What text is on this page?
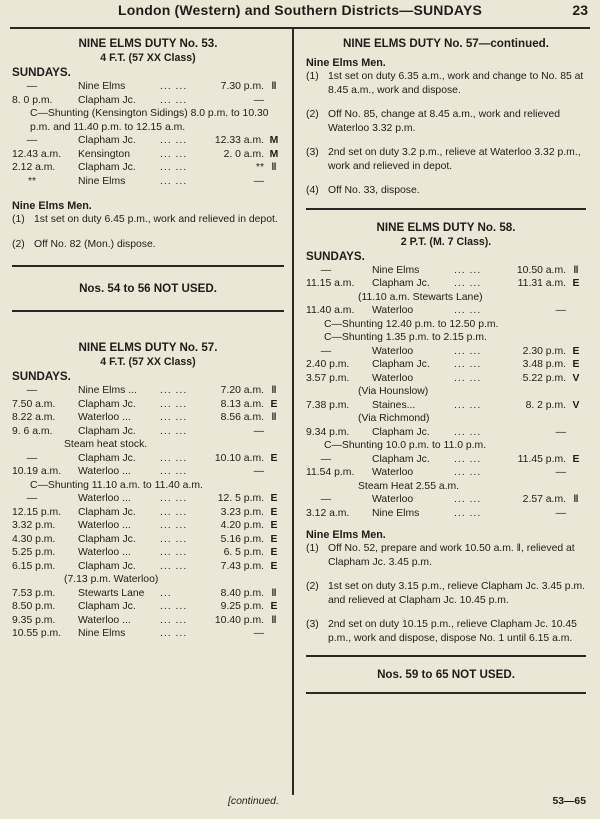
London (Western) and Southern Districts—SUNDAYS	23
NINE ELMS DUTY No. 53.
4 F.T. (57 XX Class)
SUNDAYS.
—	Nine Elms	... ...	7.30 p.m. ‖
8. 0 p.m.	Clapham Jc. ... ...	—
C—Shunting (Kensington Sidings) 8.0 p.m. to 10.30 p.m. and 11.40 p.m. to 12.15 a.m.
—	Clapham Jc. ... ...	12.33 a.m. M
12.43 a.m.	Kensington	... ...	2. 0 a.m. M
2.12 a.m.	Clapham Jc. ... ...	** ‖
**	Nine Elms	... ...	—
Nine Elms Men.
(1) 1st set on duty 6.45 p.m., work and relieved in depot.
(2) Off No. 82 (Mon.) dispose.
Nos. 54 to 56 NOT USED.
NINE ELMS DUTY No. 57.
4 F.T. (57 XX Class)
SUNDAYS.
—	Nine Elms ... ... ...	7.20 a.m. ‖
7.50 a.m.	Clapham Jc. ... ...	8.13 a.m. E
8.22 a.m.	Waterloo ...	... ...	8.56 a.m. ‖
9. 6 a.m.	Clapham Jc. ... ...	—
Steam heat stock.
—	Clapham Jc. ... ...	10.10 a.m. E
10.19 a.m.	Waterloo ...	... ...	—
C—Shunting 11.10 a.m. to 11.40 a.m.
—	Waterloo ...	... ...	12. 5 p.m. E
12.15 p.m.	Clapham Jc. ... ...	3.23 p.m. E
3.32 p.m.	Waterloo ...	... ...	4.20 p.m. E
4.30 p.m.	Clapham Jc. ... ...	5.16 p.m. E
5.25 p.m.	Waterloo ...	... ...	6. 5 p.m. E
6.15 p.m.	Clapham Jc. ... ...	7.43 p.m. E
(7.13 p.m. Waterloo)
7.53 p.m.	Stewarts Lane ...	8.40 p.m. ‖
8.50 p.m.	Clapham Jc. ... ...	9.25 p.m. E
9.35 p.m.	Waterloo ...	... ...	10.40 p.m. ‖
10.55 p.m.	Nine Elms	... ...	—
NINE ELMS DUTY No. 57—continued.
Nine Elms Men.
(1) 1st set on duty 6.35 a.m., work and change to No. 85 at 8.45 a.m., work and dispose.
(2) Off No. 85, change at 8.45 a.m., work and relieved Waterloo 3.32 p.m.
(3) 2nd set on duty 3.2 p.m., relieve at Waterloo 3.32 p.m., work and relieved in depot.
(4) Off No. 33, dispose.
NINE ELMS DUTY No. 58.
2 P.T. (M. 7 Class).
SUNDAYS.
—	Nine Elms	... ...	10.50 a.m. ‖
11.15 a.m.	Clapham Jc. ... ...	11.31 a.m. E
(11.10 a.m. Stewarts Lane)
11.40 a.m.	Waterloo	... ...	—
C—Shunting 12.40 p.m. to 12.50 p.m.
C—Shunting 1.35 p.m. to 2.15 p.m.
—	Waterloo	... ...	2.30 p.m. E
2.40 p.m.	Clapham Jc. ... ...	3.48 p.m. E
3.57 p.m.	Waterloo	... ...	5.22 p.m. V
(Via Hounslow)
7.38 p.m.	Staines...	... ...	8. 2 p.m. V
(Via Richmond)
9.34 p.m.	Clapham Jc. ... ...	—
C—Shunting 10.0 p.m. to 11.0 p.m.
—	Clapham Jc. ... ...	11.45 p.m. E
11.54 p.m.	Waterloo	... ...	—
Steam Heat 2.55 a.m.
—	Waterloo	... ...	2.57 a.m. ‖
3.12 a.m.	Nine Elms	... ...	—
Nine Elms Men.
(1) Off No. 52, prepare and work 10.50 a.m. ‖, relieved at Clapham Jc. 3.45 p.m.
(2) 1st set on duty 3.15 p.m., relieve Clapham Jc. 3.45 p.m. and relieved at Clapham Jc. 10.45 p.m.
(3) 2nd set on duty 10.15 p.m., relieve Clapham Jc. 10.45 p.m., work and dispose, dispose No. 1 until 6.15 a.m.
Nos. 59 to 65 NOT USED.
[continued.	53—65
